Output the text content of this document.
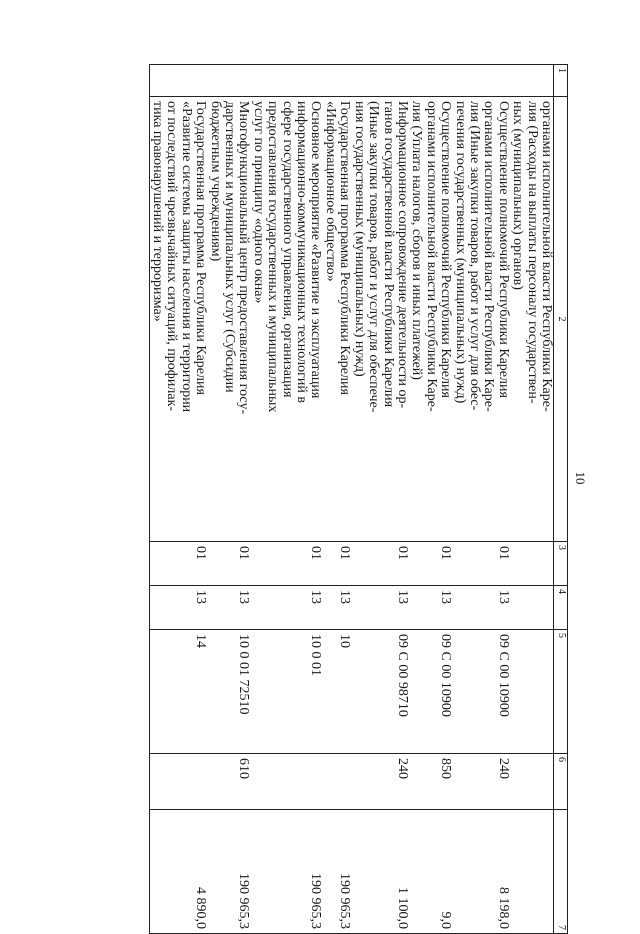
10
1	2	3	4	5	6	7

	органами исполнительной власти Республики Каре-
лия (Расходы на выплаты персоналу государствен-
ных (муниципальных) органов)					

	Осуществление полномочий Республики Карелия
органами исполнительной власти Республики Каре-
лия (Иные закупки товаров, работ и услуг для обес-
печения государственных (муниципальных) нужд)	01	13	09 С 00 10900	240	8 198,0

	Осуществление полномочий Республики Карелия
органами исполнительной власти Республики Каре-
лия (Уплата налогов, сборов и иных платежей)	01	13	09 С 00 10900	850	9,0

	Информационное сопровождение деятельности ор-
ганов государственной власти Республики Карелия
(Иные закупки товаров, работ и услуг для обеспече-
ния государственных (муниципальных) нужд)	01	13	09 С 00 98710	240	1 100,0

	Государственная программа Республики Карелия
«Информационное общество»	01	13	10		190 965,3

	Основное мероприятие «Развитие и эксплуатация
информационно-коммуникационных технологий в
сфере государственного управления, организация
предоставления государственных и муниципальных
услуг по принципу «одного окна»	01	13	10 0 01		190 965,3

	Многофункциональный центр предоставления госу-
дарственных и муниципальных услуг (Субсидии
бюджетным учреждениям)	01	13	10 0 01 72510	610	190 965,3

	Государственная программа Республики Карелия
«Развитие системы защиты населения и территории
от последствий чрезвычайных ситуаций, профилак-
тика правонарушений и терроризма»	01	13	14		4 890,0
